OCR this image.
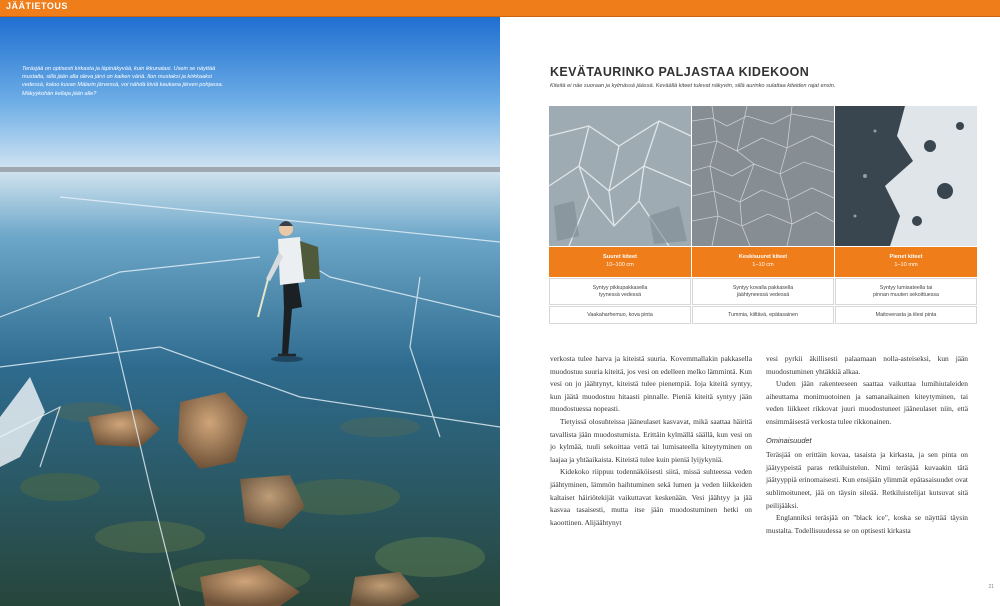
JÄÄTIETOUS
Teräsjää on optisesti kirkasta ja läpinäkyvää, kuin ikkunalasi. Usein se näyttää mustalta, sillä jään alla oleva järvi on kaiken väriä. Ilon mustaksi ja kirkkaaksi vedessä, kaloo kuvan Mälarin järvessä, voi nähdä kiviä kaukana järven pohjassa. Mäkyykohän kellaja jään alle?
KEVÄTAURINKO PALJASTAA KIDEKOON
Kiteitä ei näe suoraan ja kylmässä jäässä. Keväällä kiteet tulevat näkyviin, sillä aurinko sulattaa kiteiden rajat ensin.
Suuret kiteet
10–100 cm
Keskisuuret kiteet
1–10 cm
Pienet kiteet
1–10 mm
Syntyy pikkupakkasella
tyynessä vedessä
Syntyy kovalla pakkasella
jäähtyneessä vedessä
Syntyy lumisateella tai
pinnan muuten sekoittuessa
Vaakaharhemuo, kova pinta	Tummia, kiiltävä, epätasainen	Maitoverasta ja iilesi pinta

verkosta tulee harva ja kiteistä suuria. Kovemmallakin pakkasella muodostuu suuria kiteitä, jos vesi on edelleen melko lämmintä. Kun vesi on jo jäähtynyt, kiteistä tulee pienempiä. Ioja kiteitä syntyy, kun jäätä muodostuu hitaasti pinnalle. Pieniä kiteitä syntyy jään muodostuessa nopeasti.

Tietyissä olosuhteissa jääneulaset kasvavat, mikä saattaa häiritä tavallista jään muodostumista. Erittäin kylmällä säällä, kun vesi on jo kylmää, tuuli sekoittaa vettä tai lumisateella kiteytyminen on laajaa ja yhtäaikaista. Kiteistä tulee kuin pieniä lyijykyniä.

Kidekoko riippuu todennäköisesti siitä, missä suhteessa veden jäähtyminen, lämmön haihtuminen sekä lumen ja veden liikkeiden kaltaiset häiriötekijät vaikuttavat keskenään. Vesi jäähtyy ja jää kasvaa tasaisesti, mutta itse jään muodostuminen hetki on kaoottinen. Alijäähtynyt

vesi pyrkii äkillisesti palaamaan nolla-asteiseksi, kun jään muodostuminen yhtäkkiä alkaa.

Uuden jään rakenteeseen saattaa vaikuttaa lumihiutaleiden aiheuttama monimuotoinen ja samanaikainen kiteytyminen, tai veden liikkeet rikkovat juuri muodostuneet jääneulaset niin, että ensimmäisestä verkosta tulee rikkonainen.

Ominaisuudet

Teräsjää on erittäin kovaa, tasaista ja kirkasta, ja sen pinta on jäätyypeistä paras retkiluistelun. Nimi teräsjää kuvaakin tätä jäätyyppiä erinomaisesti. Kun ensijään ylimmät epätasaisuudet ovat sublimoituneet, jää on täysin sileää. Retkiluistelijat kutsuvat sitä peilijääksi.

Englanniksi teräsjää on "black ice", koska se näyttää täysin mustalta. Todellisuudessa se on optisesti kirkasta

21
